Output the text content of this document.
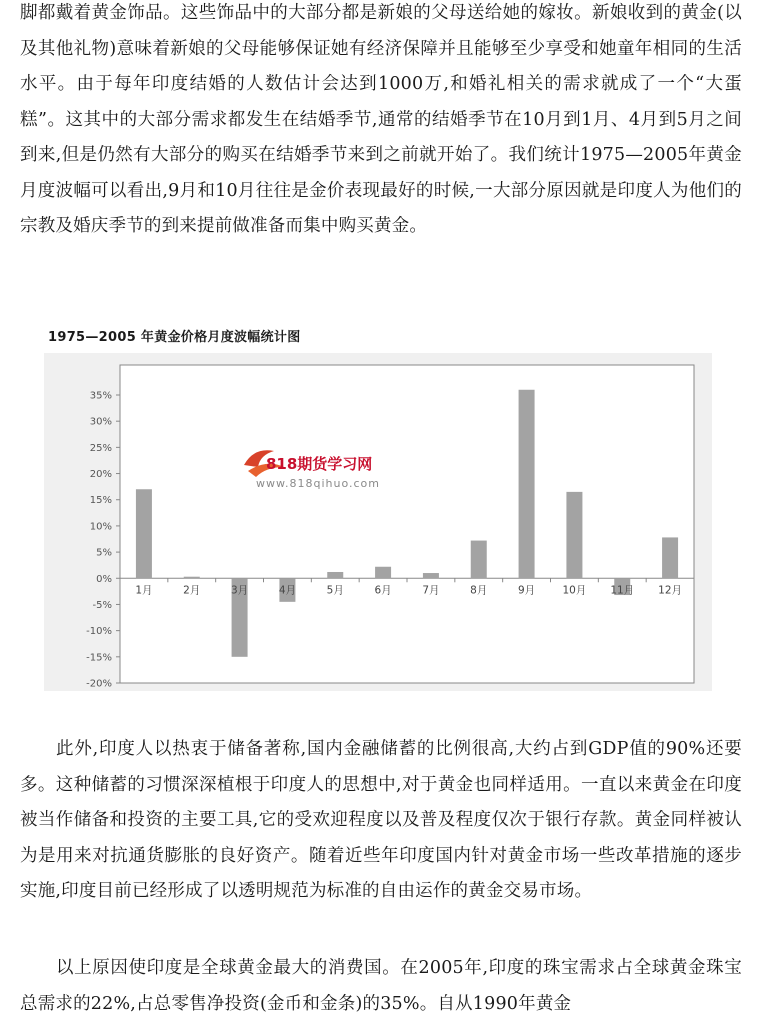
脚都戴着黄金饰品。这些饰品中的大部分都是新娘的父母送给她的嫁妆。新娘收到的黄金(以及其他礼物)意味着新娘的父母能够保证她有经济保障并且能够至少享受和她童年相同的生活水平。由于每年印度结婚的人数估计会达到1000万,和婚礼相关的需求就成了一个“大蛋糕”。这其中的大部分需求都发生在结婚季节,通常的结婚季节在10月到1月、4月到5月之间到来,但是仍然有大部分的购买在结婚季节来到之前就开始了。我们统计1975—2005年黄金月度波幅可以看出,9月和10月往往是金价表现最好的时候,一大部分原因就是印度人为他们的宗教及婚庆季节的到来提前做准备而集中购买黄金。

1975—2005 年黄金价格月度波幅统计图
35%
30%
25%
20%
15%
10%
5%
0%
-5%
-10%
-15%
-20%
1月	2月	3月	4月	5月	6月	7月	8月	9月	10月 11月 12月
818期货学习网
www.818qihuo.com

此外,印度人以热衷于储备著称,国内金融储蓄的比例很高,大约占到GDP值的90%还要多。这种储蓄的习惯深深植根于印度人的思想中,对于黄金也同样适用。一直以来黄金在印度被当作储备和投资的主要工具,它的受欢迎程度以及普及程度仅次于银行存款。黄金同样被认为是用来对抗通货膨胀的良好资产。随着近些年印度国内针对黄金市场一些改革措施的逐步实施,印度目前已经形成了以透明规范为标准的自由运作的黄金交易市场。

以上原因使印度是全球黄金最大的消费国。在2005年,印度的珠宝需求占全球黄金珠宝总需求的22%,占总零售净投资(金币和金条)的35%。自从1990年黄金
